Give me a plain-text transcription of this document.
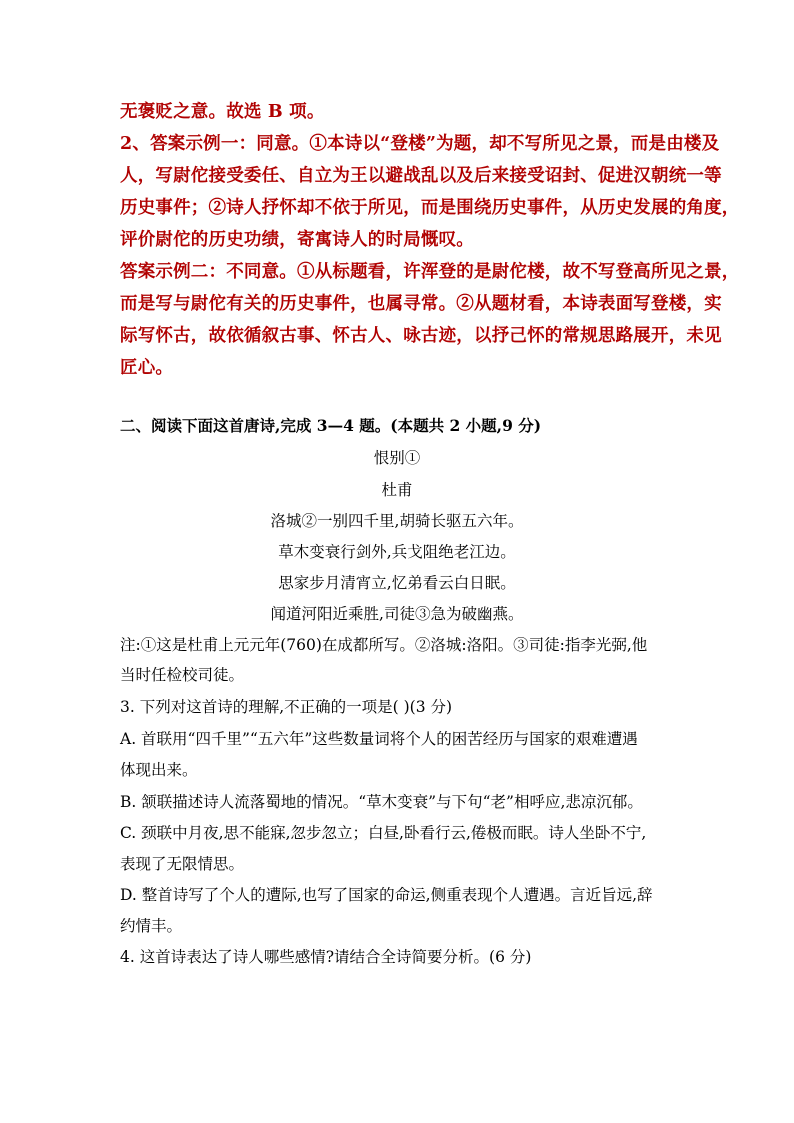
无褒贬之意。故选 B 项。
2、答案示例一：同意。①本诗以“登楼”为题，却不写所见之景，而是由楼及
人，写尉佗接受委任、自立为王以避战乱以及后来接受诏封、促进汉朝统一等
历史事件；②诗人抒怀却不依于所见，而是围绕历史事件，从历史发展的角度，
评价尉佗的历史功绩，寄寓诗人的时局慨叹。
答案示例二：不同意。①从标题看，许浑登的是尉佗楼，故不写登高所见之景，
而是写与尉佗有关的历史事件，也属寻常。②从题材看，本诗表面写登楼，实
际写怀古，故依循叙古事、怀古人、咏古迹，以抒己怀的常规思路展开，未见
匠心。
二、阅读下面这首唐诗,完成 3—4 题。(本题共 2 小题,9 分)
恨别①
杜甫
洛城②一别四千里,胡骑长驱五六年。
草木变衰行剑外,兵戈阻绝老江边。
思家步月清宵立,忆弟看云白日眠。
闻道河阳近乘胜,司徒③急为破幽燕。
注:①这是杜甫上元元年(760)在成都所写。②洛城:洛阳。③司徒:指李光弼,他
当时任检校司徒。
3. 下列对这首诗的理解,不正确的一项是( )(3 分)
A. 首联用“四千里”“五六年”这些数量词将个人的困苦经历与国家的艰难遭遇
体现出来。
B. 颔联描述诗人流落蜀地的情况。“草木变衰”与下句“老”相呼应,悲凉沉郁。
C. 颈联中月夜,思不能寐,忽步忽立；白昼,卧看行云,倦极而眠。诗人坐卧不宁,
表现了无限情思。
D. 整首诗写了个人的遭际,也写了国家的命运,侧重表现个人遭遇。言近旨远,辞
约情丰。
4. 这首诗表达了诗人哪些感情?请结合全诗简要分析。(6 分)
